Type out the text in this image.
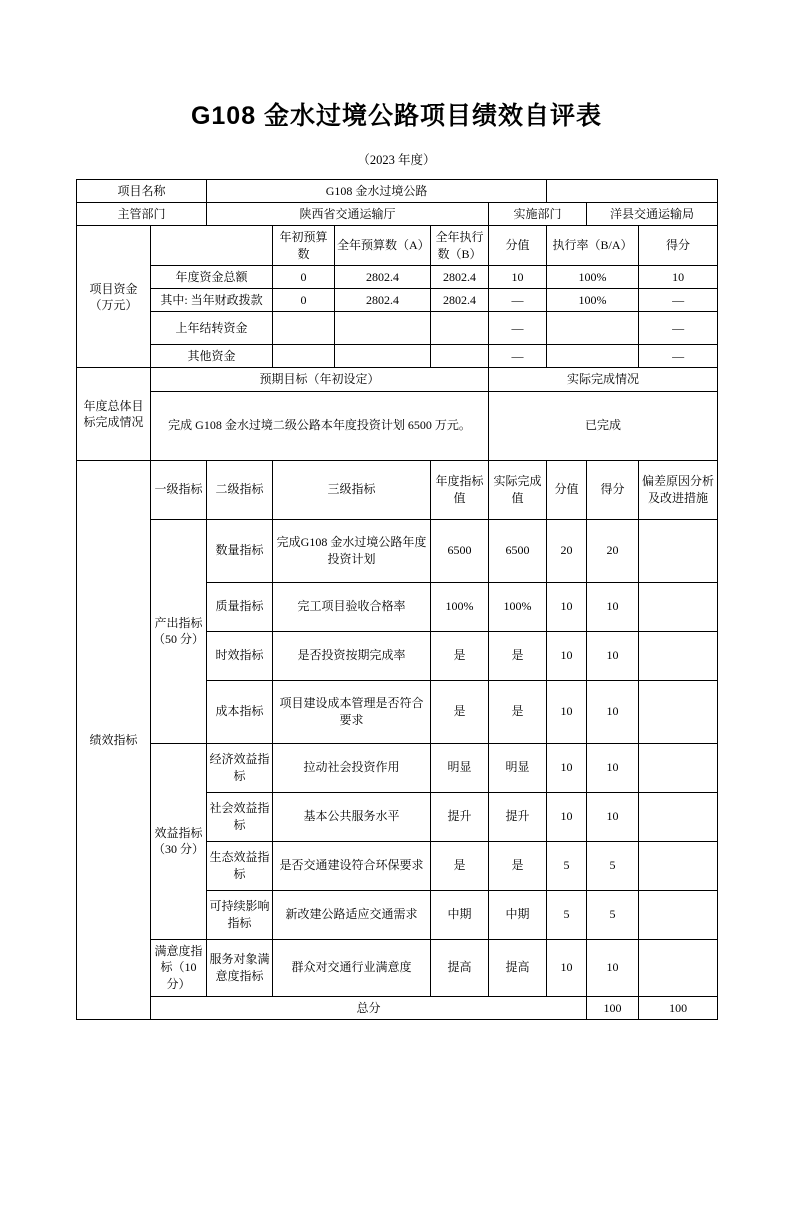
G108 金水过境公路项目绩效自评表
（2023 年度）
项目名称		G108 金水过境公路								
主管部门		陕西省交通运输厅				实施部门		洋县交通运输局		

项目资金
（万元）			年初预算数	全年预算数（A）	全年执行数（B）	分值	执行率（B/A）		得分	
	年度资金总额		0	2802.4	2802.4	10	100%		10	
	其中: 当年财政拨款		0	2802.4	2802.4	—	100%		—	
	上年结转资金					—			—	
	其他资金					—			—	
年度总体目标完成情况	预期目标（年初设定）					实际完成情况				
	完成 G108 金水过境二级公路本年度投资计划 6500 万元。					已完成				
绩效指标	一级指标	二级指标	三级指标		年度指标值	实际完成值	分值	得分	偏差原因分析及改进措施	
	产出指标（50 分）	数量指标	完成G108 金水过境公路年度投资计划		6500	6500	20	20		
		质量指标	完工项目验收合格率		100%	100%	10	10		
		时效指标	是否投资按期完成率		是	是	10	10		
		成本指标	项目建设成本管理是否符合要求		是	是	10	10		
	效益指标（30 分）	经济效益指标	拉动社会投资作用		明显	明显	10	10		
		社会效益指标	基本公共服务水平		提升	提升	10	10		
		生态效益指标	是否交通建设符合环保要求		是	是	5	5		
		可持续影响指标	新改建公路适应交通需求		中期	中期	5	5		
	满意度指标（10 分）	服务对象满意度指标	群众对交通行业满意度		提高	提高	10	10		
	总分							100	100	
